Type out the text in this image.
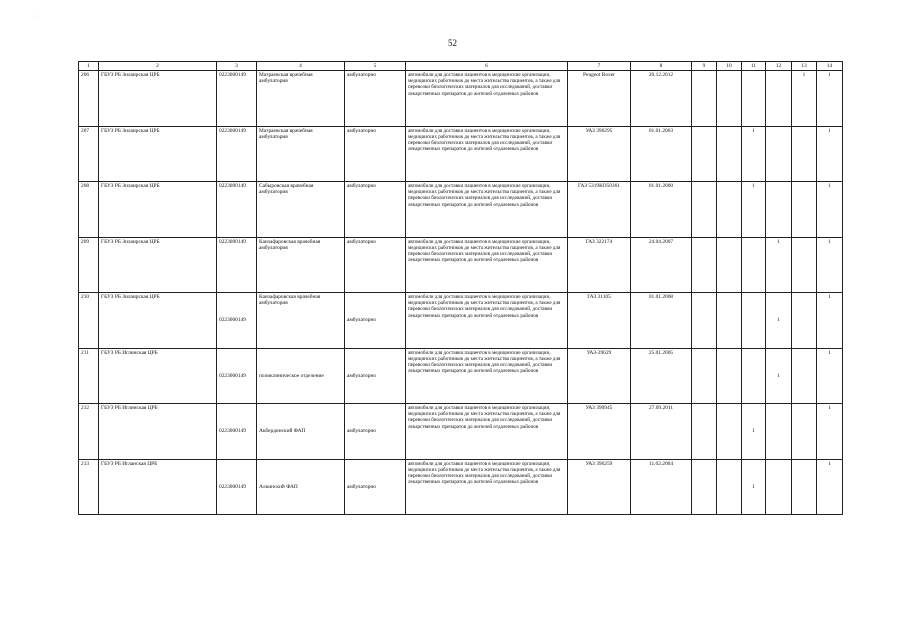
·
52
1	2	3	4	5	6	7	8	9	10	11	12	13	14
206	ГБУЗ РБ Зилаирская ЦРБ	0223000149	Матраевская врачебная амбулатория	амбулаторно	автомобили для доставки пациентов в медицинские организации, медицинских работников до места жительства пациентов, а также для перевозки биологических материалов для исследований, доставки лекарственных препаратов до жителей отдаленных районов	Peugeot Boxer	20.12.2012					1	1
207	ГБУЗ РБ Зилаирская ЦРБ	0223000149	Матраевская врачебная амбулатория	амбулаторно	автомобили для доставки пациентов в медицинские организации, медицинских работников до места жительства пациентов, а также для перевозки биологических материалов для исследований, доставки лекарственных препаратов до жителей отдаленных районов	УАЗ 396295	01.01.2003			1			1
208	ГБУЗ РБ Зилаирская ЦРБ	0223000149	Сабыровская врачебная амбулатория	амбулаторно	автомобили для доставки пациентов в медицинские организации, медицинских работников до места жительства пациентов, а также для перевозки биологических материалов для исследований, доставки лекарственных препаратов до жителей отдаленных районов	ГАЗ 5319КО50361	01.01.2000			1			1
209	ГБУЗ РБ Зилаирская ЦРБ	0223000149	Канзафаровская врачебная амбулатория	амбулаторно	автомобили для доставки пациентов в медицинские организации, медицинских работников до места жительства пациентов, а также для перевозки биологических материалов для исследований, доставки лекарственных препаратов до жителей отдаленных районов	ГАЗ 322174	24.04.2007				1		1
210	ГБУЗ РБ Зилаирская ЦРБ	0223000149	Канзафаровская врачебная амбулатория	амбулаторно	автомобили для доставки пациентов в медицинские организации, медицинских работников до места жительства пациентов, а также для перевозки биологических материалов для исследований, доставки лекарственных препаратов до жителей отдаленных районов	ГАЗ 31105	01.01.2008				1		1
211	ГБУЗ РБ Иглинская ЦРБ	0223000149	поликлиническое отделение	амбулаторно	автомобили для доставки пациентов в медицинские организации, медицинских работников до места жительства пациентов, а также для перевозки биологических материалов для исследований, доставки лекарственных препаратов до жителей отдаленных районов	УАЗ-39629	25.01.2005				1		1
212	ГБУЗ РБ Иглинская ЦРБ	0223000149	Акбердинский ФАП	амбулаторно	автомобили для доставки пациентов в медицинские организации, медицинских работников до места жительства пациентов, а также для перевозки биологических материалов для исследований, доставки лекарственных препаратов до жителей отдаленных районов	УАЗ 390945	27.09.2011			1			1
213	ГБУЗ РБ Игланская ЦРБ	0223000149	Алкинский ФАП	амбулаторно	автомобили для доставки пациентов в медицинские организации, медицинских работников до места жительства пациентов, а также для перевозки биологических материалов для исследований, доставки лекарственных препаратов до жителей отдаленных районов	УАЗ 396259	11.02.2004			1			1
